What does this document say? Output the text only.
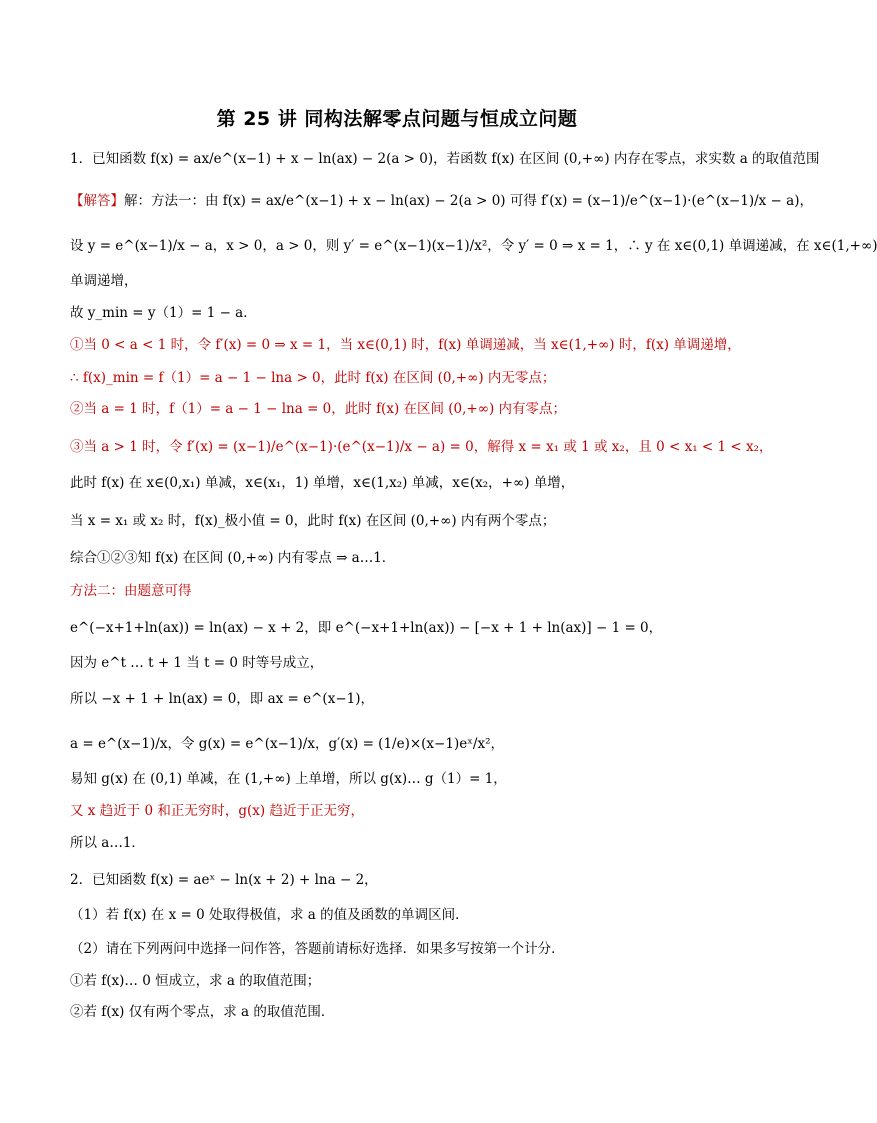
第 25 讲 同构法解零点问题与恒成立问题
1．已知函数 f(x) = ax/e^(x−1) + x − ln(ax) − 2(a > 0)，若函数 f(x) 在区间 (0,+∞) 内存在零点，求实数 a 的取值范围
【解答】解：方法一：由 f(x) = ax/e^(x−1) + x − ln(ax) − 2(a > 0) 可得 f′(x) = (x−1)/e^(x−1)·(e^(x−1)/x − a)，
设 y = e^(x−1)/x − a，x > 0，a > 0，则 y′ = e^(x−1)(x−1)/x²，令 y′ = 0 ⇒ x = 1，∴ y 在 x∈(0,1) 单调递减，在 x∈(1,+∞)
单调递增，
故 y_min = y（1）= 1 − a．
①当 0 < a < 1 时，令 f′(x) = 0 ⇒ x = 1，当 x∈(0,1) 时，f(x) 单调递减，当 x∈(1,+∞) 时，f(x) 单调递增，
∴ f(x)_min = f（1）= a − 1 − lna > 0，此时 f(x) 在区间 (0,+∞) 内无零点；
②当 a = 1 时，f（1）= a − 1 − lna = 0，此时 f(x) 在区间 (0,+∞) 内有零点；
③当 a > 1 时，令 f′(x) = (x−1)/e^(x−1)·(e^(x−1)/x − a) = 0，解得 x = x₁ 或 1 或 x₂，且 0 < x₁ < 1 < x₂，
此时 f(x) 在 x∈(0,x₁) 单减，x∈(x₁，1) 单增，x∈(1,x₂) 单减，x∈(x₂，+∞) 单增，
当 x = x₁ 或 x₂ 时，f(x)_极小值 = 0，此时 f(x) 在区间 (0,+∞) 内有两个零点；
综合①②③知 f(x) 在区间 (0,+∞) 内有零点 ⇒ a…1．
方法二：由题意可得
e^(−x+1+ln(ax)) = ln(ax) − x + 2，即 e^(−x+1+ln(ax)) − [−x + 1 + ln(ax)] − 1 = 0，
因为 e^t … t + 1 当 t = 0 时等号成立，
所以 −x + 1 + ln(ax) = 0，即 ax = e^(x−1)，
a = e^(x−1)/x，令 g(x) = e^(x−1)/x，g′(x) = (1/e)×(x−1)eˣ/x²，
易知 g(x) 在 (0,1) 单减，在 (1,+∞) 上单增，所以 g(x)… g（1）= 1，
又 x 趋近于 0 和正无穷时，g(x) 趋近于正无穷，
所以 a…1．
2．已知函数 f(x) = aeˣ − ln(x + 2) + lna − 2，
（1）若 f(x) 在 x = 0 处取得极值，求 a 的值及函数的单调区间．
（2）请在下列两问中选择一问作答，答题前请标好选择．如果多写按第一个计分．
①若 f(x)… 0 恒成立，求 a 的取值范围；
②若 f(x) 仅有两个零点，求 a 的取值范围．
